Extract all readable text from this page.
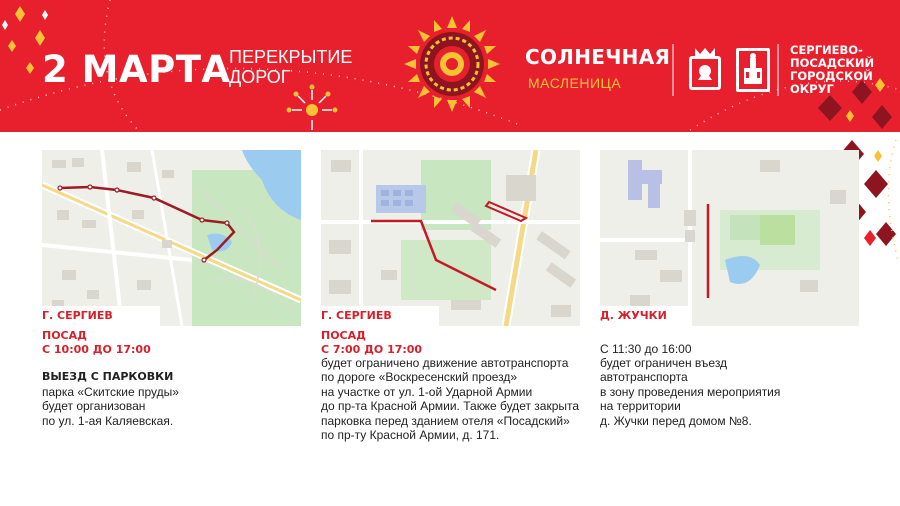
2 МАРТА
ПЕРЕКРЫТИЕ
ДОРОГ
СОЛНЕЧНАЯ
МАСЛЕНИЦА
СЕРГИЕВО-
ПОСАДСКИЙ
ГОРОДСКОЙ
ОКРУГ
Г. СЕРГИЕВ ПОСАД
Г. СЕРГИЕВ ПОСАД
Д. ЖУЧКИ
С 10:00 ДО 17:00
ВЫЕЗД С ПАРКОВКИ
парка «Скитские пруды»
будет организован
по ул. 1-ая Каляевская.
С 7:00 ДО 17:00
будет ограничено движение автотранспорта
по дороге «Воскресенский проезд»
на участке от ул. 1-ой Ударной Армии
до пр-та Красной Армии. Также будет закрыта
парковка перед зданием отеля «Посадский»
по пр-ту Красной Армии, д. 171.
С 11:30 до 16:00
будет ограничен въезд
автотранспорта
в зону проведения мероприятия
на территории
д. Жучки перед домом №8.
